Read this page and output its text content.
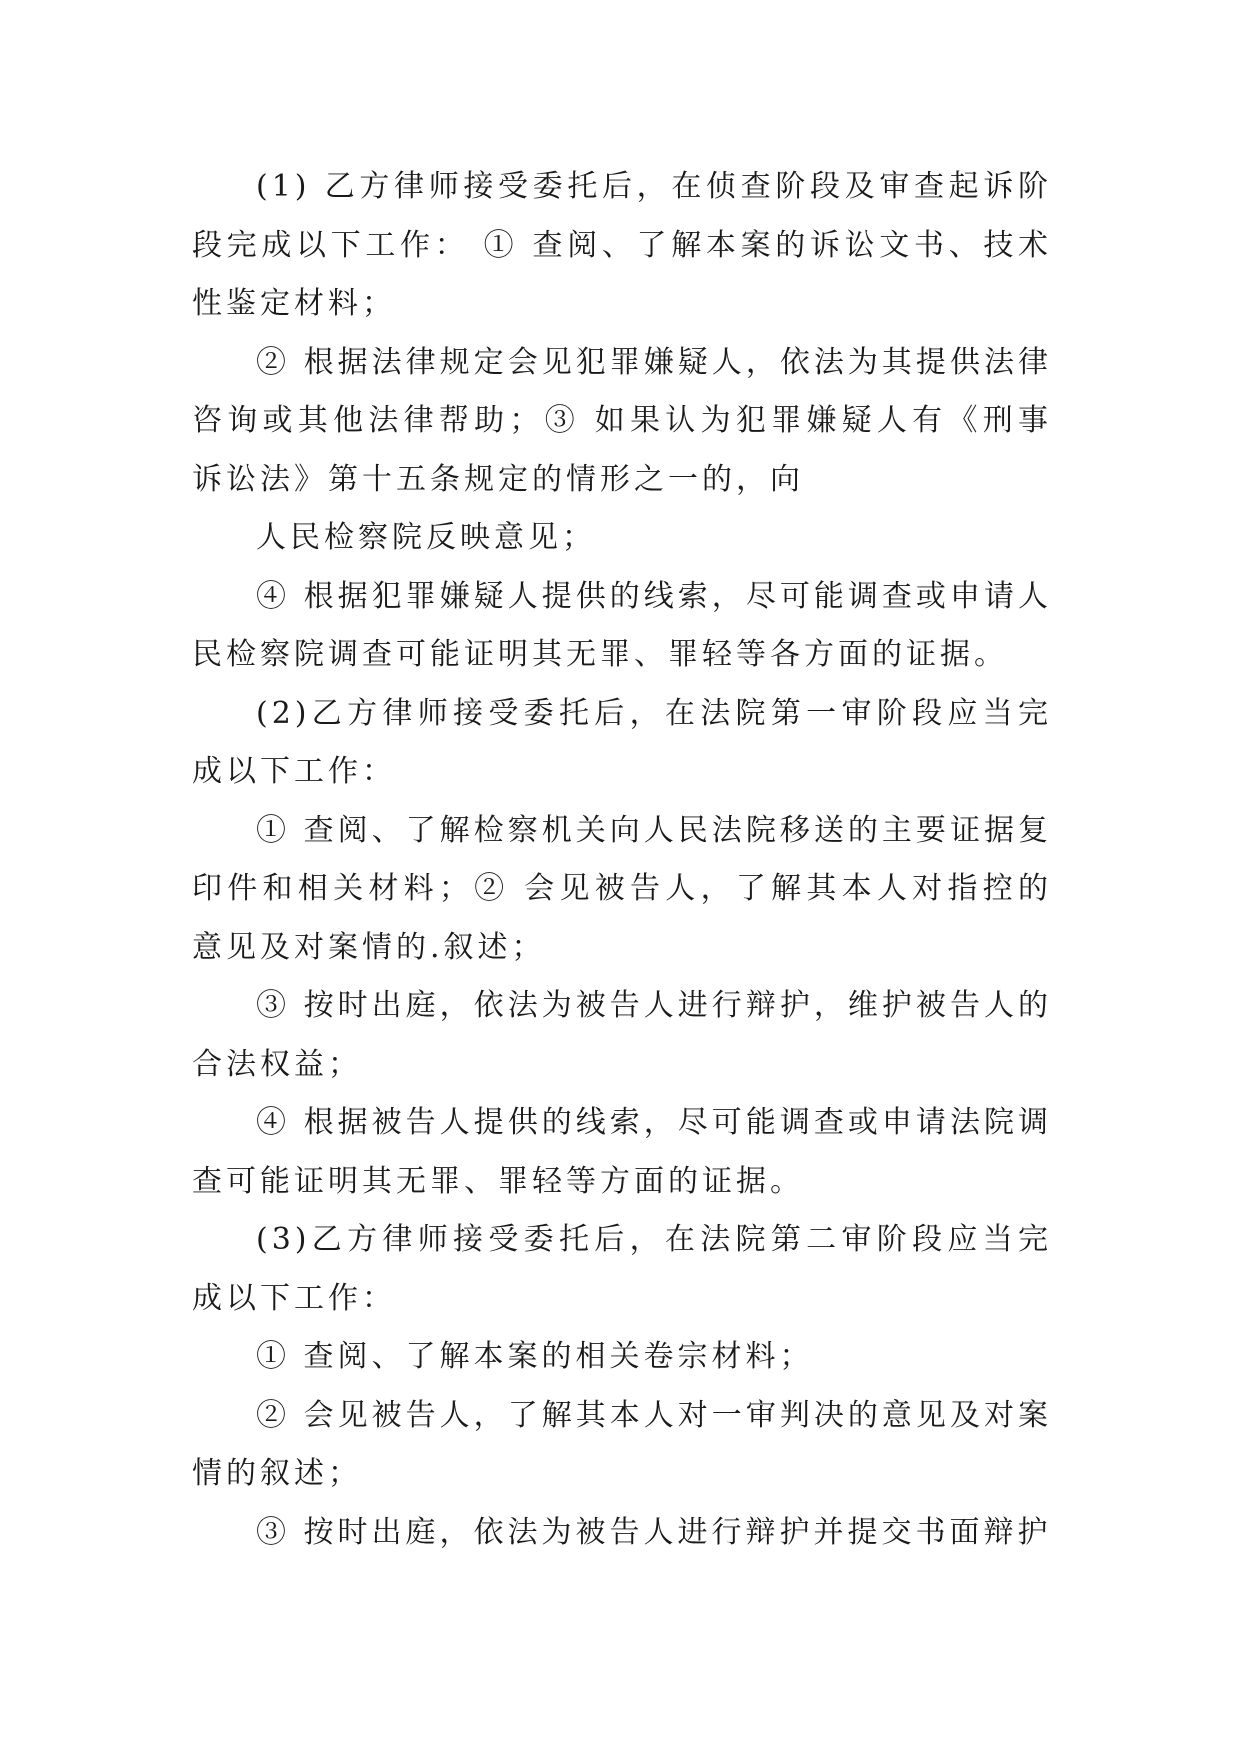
(1) 乙方律师接受委托后，在侦查阶段及审查起诉阶段完成以下工作： ① 查阅、了解本案的诉讼文书、技术性鉴定材料；

② 根据法律规定会见犯罪嫌疑人，依法为其提供法律咨询或其他法律帮助；③ 如果认为犯罪嫌疑人有《刑事诉讼法》第十五条规定的情形之一的，向

人民检察院反映意见；

④ 根据犯罪嫌疑人提供的线索，尽可能调查或申请人民检察院调查可能证明其无罪、罪轻等各方面的证据。

(2)乙方律师接受委托后，在法院第一审阶段应当完成以下工作：

① 查阅、了解检察机关向人民法院移送的主要证据复印件和相关材料；② 会见被告人，了解其本人对指控的意见及对案情的.叙述；

③ 按时出庭，依法为被告人进行辩护，维护被告人的合法权益；

④ 根据被告人提供的线索，尽可能调查或申请法院调查可能证明其无罪、罪轻等方面的证据。

(3)乙方律师接受委托后，在法院第二审阶段应当完成以下工作：

① 查阅、了解本案的相关卷宗材料；

② 会见被告人，了解其本人对一审判决的意见及对案情的叙述；

③ 按时出庭，依法为被告人进行辩护并提交书面辩护
